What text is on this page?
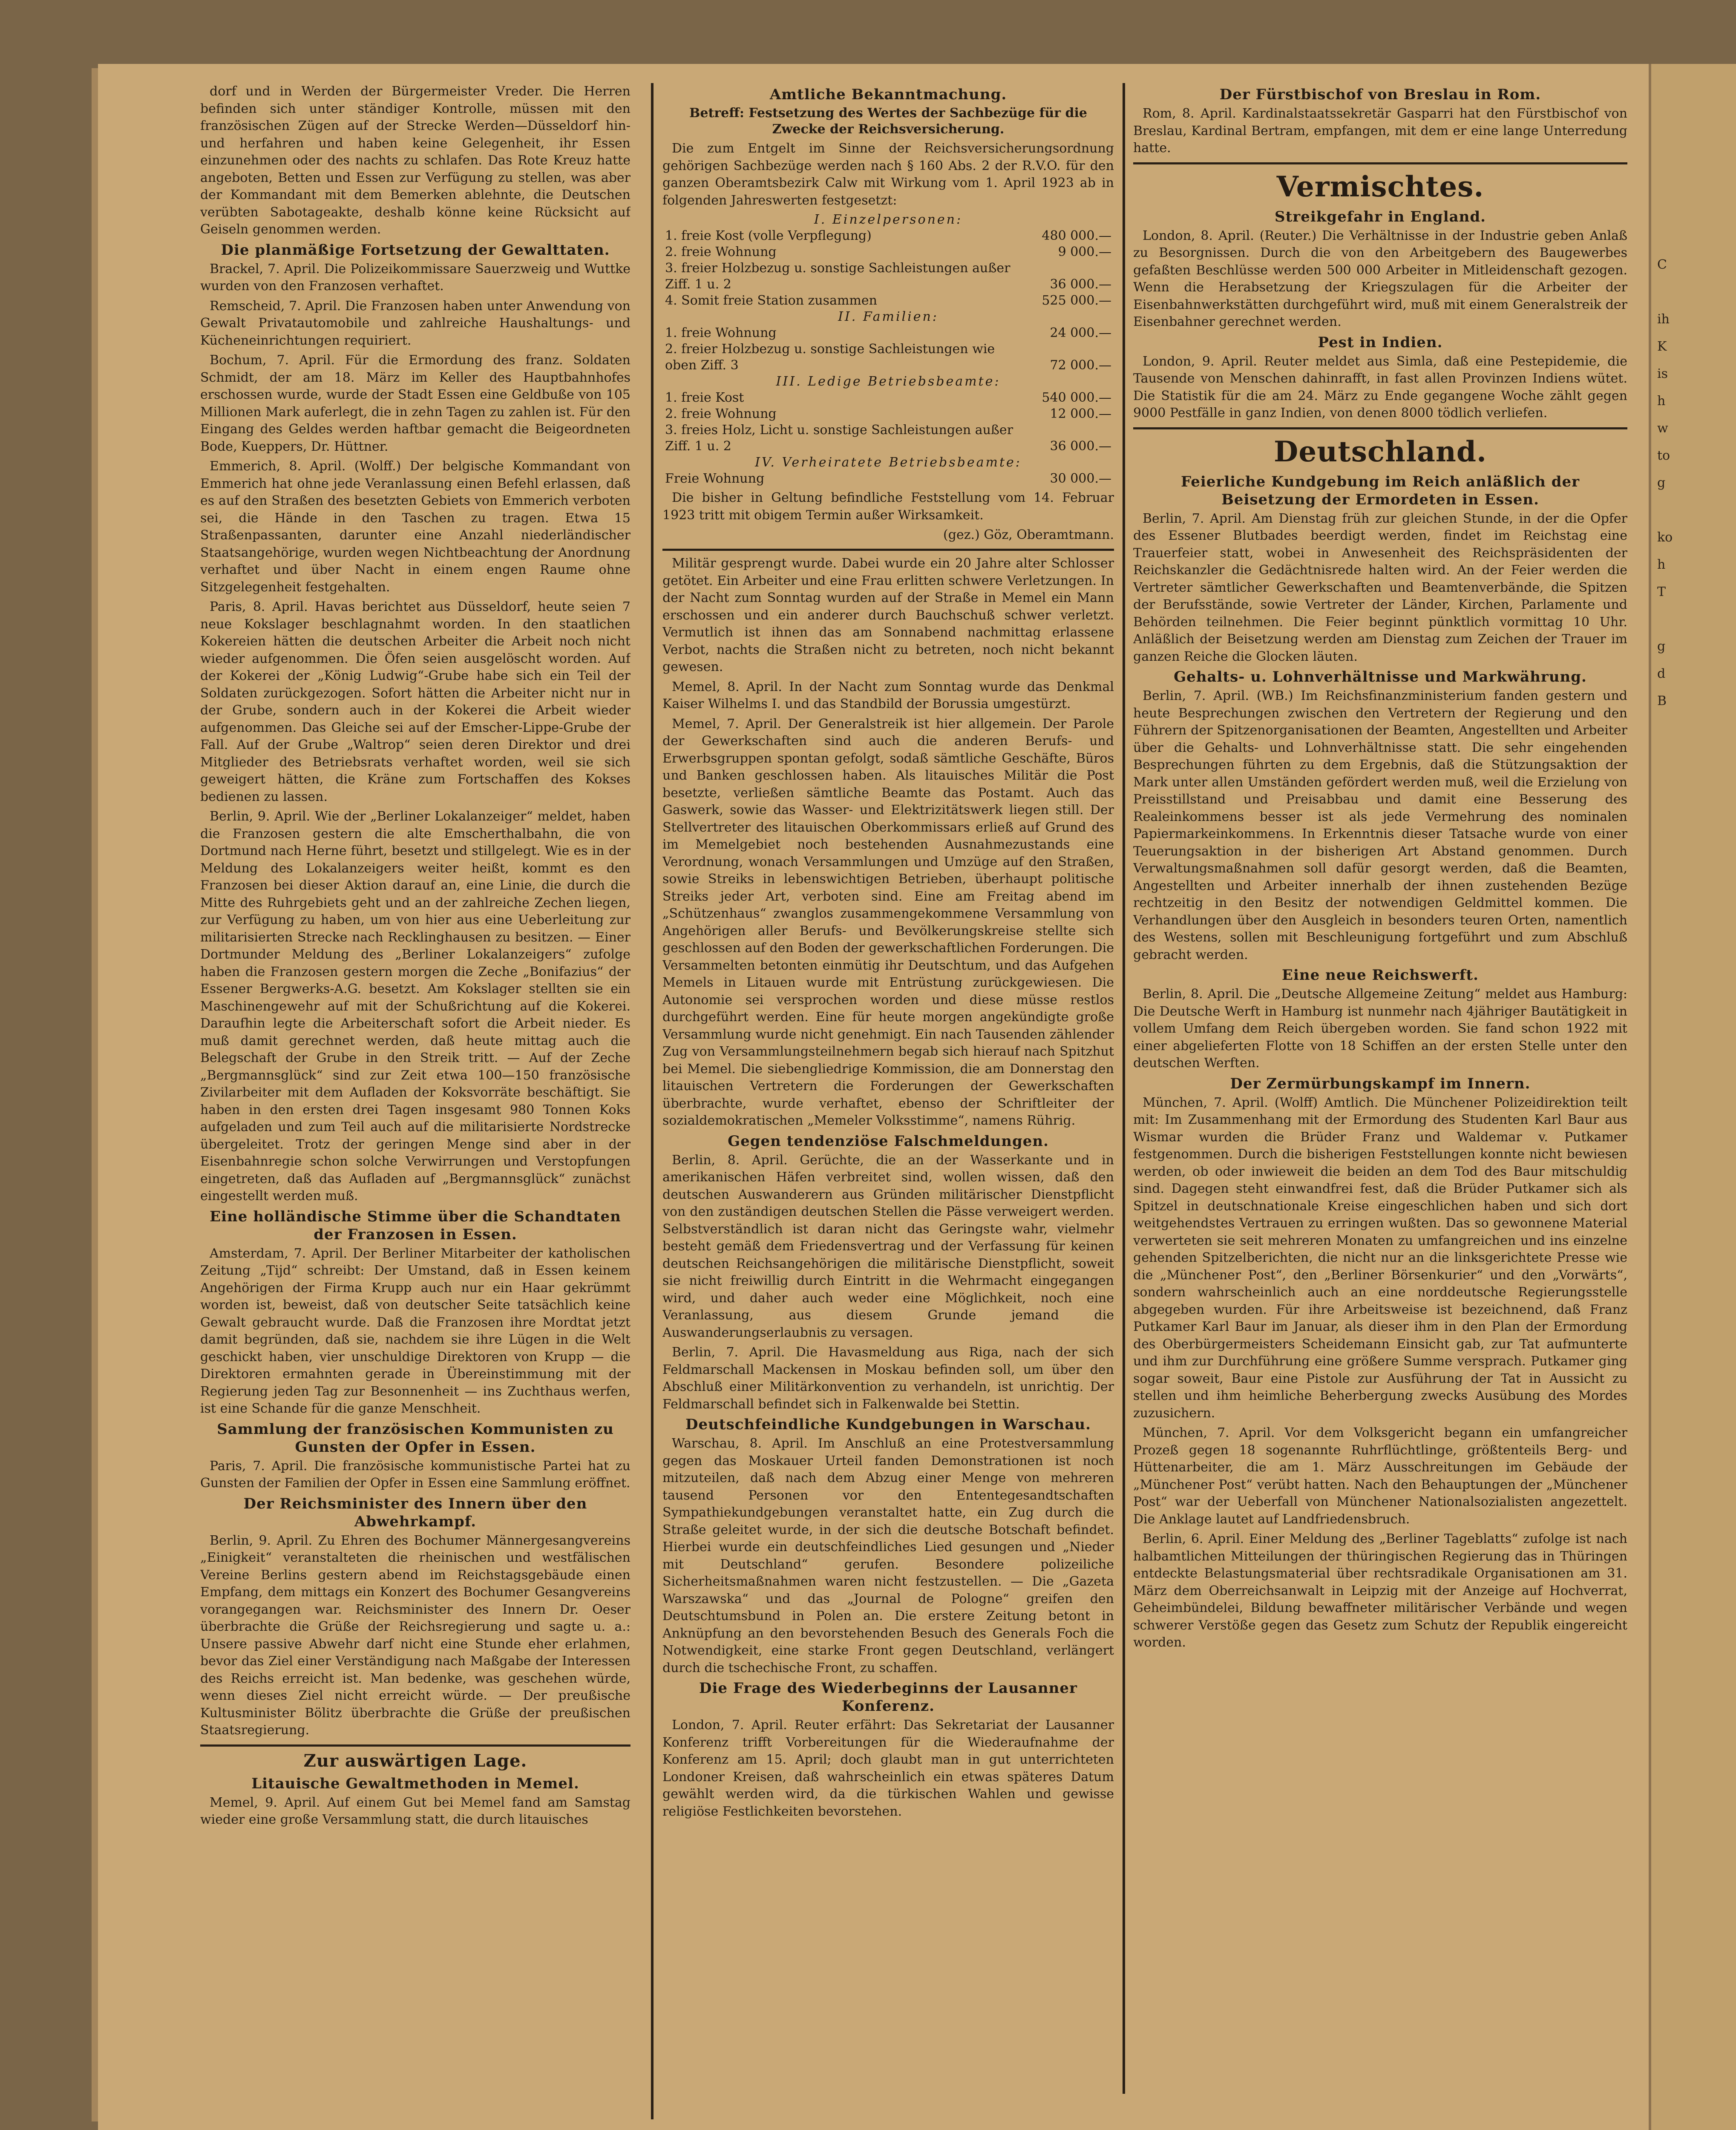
C

ih
K
is
h
w
to
g

ko
h
T

g
d
B

dorf und in Werden der Bürgermeister Vreder. Die Herren befinden sich unter ständiger Kontrolle, müssen mit den französischen Zügen auf der Strecke Werden—Düsseldorf hin- und herfahren und haben keine Gelegenheit, ihr Essen einzunehmen oder des nachts zu schlafen. Das Rote Kreuz hatte angeboten, Betten und Essen zur Verfügung zu stellen, was aber der Kommandant mit dem Bemerken ablehnte, die Deutschen verübten Sabotageakte, deshalb könne keine Rücksicht auf Geiseln genommen werden.

Die planmäßige Fortsetzung der Gewalttaten.

Brackel, 7. April. Die Polizeikommissare Sauerzweig und Wuttke wurden von den Franzosen verhaftet.

Remscheid, 7. April. Die Franzosen haben unter Anwendung von Gewalt Privatautomobile und zahlreiche Haushaltungs- und Kücheneinrichtungen requiriert.

Bochum, 7. April. Für die Ermordung des franz. Soldaten Schmidt, der am 18. März im Keller des Hauptbahnhofes erschossen wurde, wurde der Stadt Essen eine Geldbuße von 105 Millionen Mark auferlegt, die in zehn Tagen zu zahlen ist. Für den Eingang des Geldes werden haftbar gemacht die Beigeordneten Bode, Kueppers, Dr. Hüttner.

Emmerich, 8. April. (Wolff.) Der belgische Kommandant von Emmerich hat ohne jede Veranlassung einen Befehl erlassen, daß es auf den Straßen des besetzten Gebiets von Emmerich verboten sei, die Hände in den Taschen zu tragen. Etwa 15 Straßenpassanten, darunter eine Anzahl niederländischer Staatsangehörige, wurden wegen Nichtbeachtung der Anordnung verhaftet und über Nacht in einem engen Raume ohne Sitzgelegenheit festgehalten.

Paris, 8. April. Havas berichtet aus Düsseldorf, heute seien 7 neue Kokslager beschlagnahmt worden. In den staatlichen Kokereien hätten die deutschen Arbeiter die Arbeit noch nicht wieder aufgenommen. Die Öfen seien ausgelöscht worden. Auf der Kokerei der „König Ludwig“-Grube habe sich ein Teil der Soldaten zurückgezogen. Sofort hätten die Arbeiter nicht nur in der Grube, sondern auch in der Kokerei die Arbeit wieder aufgenommen. Das Gleiche sei auf der Emscher-Lippe-Grube der Fall. Auf der Grube „Waltrop“ seien deren Direktor und drei Mitglieder des Betriebsrats verhaftet worden, weil sie sich geweigert hätten, die Kräne zum Fortschaffen des Kokses bedienen zu lassen.

Berlin, 9. April. Wie der „Berliner Lokalanzeiger“ meldet, haben die Franzosen gestern die alte Emscherthalbahn, die von Dortmund nach Herne führt, besetzt und stillgelegt. Wie es in der Meldung des Lokalanzeigers weiter heißt, kommt es den Franzosen bei dieser Aktion darauf an, eine Linie, die durch die Mitte des Ruhrgebiets geht und an der zahlreiche Zechen liegen, zur Verfügung zu haben, um von hier aus eine Ueberleitung zur militarisierten Strecke nach Recklinghausen zu besitzen. — Einer Dortmunder Meldung des „Berliner Lokalanzeigers“ zufolge haben die Franzosen gestern morgen die Zeche „Bonifazius“ der Essener Bergwerks-A.G. besetzt. Am Kokslager stellten sie ein Maschinengewehr auf mit der Schußrichtung auf die Kokerei. Daraufhin legte die Arbeiterschaft sofort die Arbeit nieder. Es muß damit gerechnet werden, daß heute mittag auch die Belegschaft der Grube in den Streik tritt. — Auf der Zeche „Bergmannsglück“ sind zur Zeit etwa 100—150 französische Zivilarbeiter mit dem Aufladen der Koksvorräte beschäftigt. Sie haben in den ersten drei Tagen insgesamt 980 Tonnen Koks aufgeladen und zum Teil auch auf die militarisierte Nordstrecke übergeleitet. Trotz der geringen Menge sind aber in der Eisenbahnregie schon solche Verwirrungen und Verstopfungen eingetreten, daß das Aufladen auf „Bergmannsglück“ zunächst eingestellt werden muß.

Eine holländische Stimme über die Schandtaten der Franzosen in Essen.

Amsterdam, 7. April. Der Berliner Mitarbeiter der katholischen Zeitung „Tijd“ schreibt: Der Umstand, daß in Essen keinem Angehörigen der Firma Krupp auch nur ein Haar gekrümmt worden ist, beweist, daß von deutscher Seite tatsächlich keine Gewalt gebraucht wurde. Daß die Franzosen ihre Mordtat jetzt damit begründen, daß sie, nachdem sie ihre Lügen in die Welt geschickt haben, vier unschuldige Direktoren von Krupp — die Direktoren ermahnten gerade in Übereinstimmung mit der Regierung jeden Tag zur Besonnenheit — ins Zuchthaus werfen, ist eine Schande für die ganze Menschheit.

Sammlung der französischen Kommunisten zu Gunsten der Opfer in Essen.

Paris, 7. April. Die französische kommunistische Partei hat zu Gunsten der Familien der Opfer in Essen eine Sammlung eröffnet.

Der Reichsminister des Innern über den Abwehrkampf.

Berlin, 9. April. Zu Ehren des Bochumer Männergesangvereins „Einigkeit“ veranstalteten die rheinischen und westfälischen Vereine Berlins gestern abend im Reichstagsgebäude einen Empfang, dem mittags ein Konzert des Bochumer Gesangvereins vorangegangen war. Reichsminister des Innern Dr. Oeser überbrachte die Grüße der Reichsregierung und sagte u. a.: Unsere passive Abwehr darf nicht eine Stunde eher erlahmen, bevor das Ziel einer Verständigung nach Maßgabe der Interessen des Reichs erreicht ist. Man bedenke, was geschehen würde, wenn dieses Ziel nicht erreicht würde. — Der preußische Kultusminister Bölitz überbrachte die Grüße der preußischen Staatsregierung.

Zur auswärtigen Lage.
Litauische Gewaltmethoden in Memel.

Memel, 9. April. Auf einem Gut bei Memel fand am Samstag wieder eine große Versammlung statt, die durch litauisches

Amtliche Bekanntmachung.
Betreff: Festsetzung des Wertes der Sachbezüge für die Zwecke der Reichsversicherung.

Die zum Entgelt im Sinne der Reichsversicherungsordnung gehörigen Sachbezüge werden nach § 160 Abs. 2 der R.V.O. für den ganzen Oberamtsbezirk Calw mit Wirkung vom 1. April 1923 ab in folgenden Jahreswerten festgesetzt:

I. Einzelpersonen:	
1. freie Kost (volle Verpflegung)	480 000.—
2. freie Wohnung	9 000.—
3. freier Holzbezug u. sonstige Sachleistungen außer Ziff. 1 u. 2	36 000.—
4. Somit freie Station zusammen	525 000.—
II. Familien:	
1. freie Wohnung	24 000.—
2. freier Holzbezug u. sonstige Sachleistungen wie oben Ziff. 3	72 000.—
III. Ledige Betriebsbeamte:	
1. freie Kost	540 000.—
2. freie Wohnung	12 000.—
3. freies Holz, Licht u. sonstige Sachleistungen außer Ziff. 1 u. 2	36 000.—
IV. Verheiratete Betriebsbeamte:	
Freie Wohnung	30 000.—

Die bisher in Geltung befindliche Feststellung vom 14. Februar 1923 tritt mit obigem Termin außer Wirksamkeit.

(gez.) Göz, Oberamtmann.

Militär gesprengt wurde. Dabei wurde ein 20 Jahre alter Schlosser getötet. Ein Arbeiter und eine Frau erlitten schwere Verletzungen. In der Nacht zum Sonntag wurden auf der Straße in Memel ein Mann erschossen und ein anderer durch Bauchschuß schwer verletzt. Vermutlich ist ihnen das am Sonnabend nachmittag erlassene Verbot, nachts die Straßen nicht zu betreten, noch nicht bekannt gewesen.

Memel, 8. April. In der Nacht zum Sonntag wurde das Denkmal Kaiser Wilhelms I. und das Standbild der Borussia umgestürzt.

Memel, 7. April. Der Generalstreik ist hier allgemein. Der Parole der Gewerkschaften sind auch die anderen Berufs- und Erwerbsgruppen spontan gefolgt, sodaß sämtliche Geschäfte, Büros und Banken geschlossen haben. Als litauisches Militär die Post besetzte, verließen sämtliche Beamte das Postamt. Auch das Gaswerk, sowie das Wasser- und Elektrizitätswerk liegen still. Der Stellvertreter des litauischen Oberkommissars erließ auf Grund des im Memelgebiet noch bestehenden Ausnahmezustands eine Verordnung, wonach Versammlungen und Umzüge auf den Straßen, sowie Streiks in lebenswichtigen Betrieben, überhaupt politische Streiks jeder Art, verboten sind. Eine am Freitag abend im „Schützenhaus“ zwanglos zusammengekommene Versammlung von Angehörigen aller Berufs- und Bevölkerungskreise stellte sich geschlossen auf den Boden der gewerkschaftlichen Forderungen. Die Versammelten betonten einmütig ihr Deutschtum, und das Aufgehen Memels in Litauen wurde mit Entrüstung zurückgewiesen. Die Autonomie sei versprochen worden und diese müsse restlos durchgeführt werden. Eine für heute morgen angekündigte große Versammlung wurde nicht genehmigt. Ein nach Tausenden zählender Zug von Versammlungsteilnehmern begab sich hierauf nach Spitzhut bei Memel. Die siebengliedrige Kommission, die am Donnerstag den litauischen Vertretern die Forderungen der Gewerkschaften überbrachte, wurde verhaftet, ebenso der Schriftleiter der sozialdemokratischen „Memeler Volksstimme“, namens Rührig.

Gegen tendenziöse Falschmeldungen.

Berlin, 8. April. Gerüchte, die an der Wasserkante und in amerikanischen Häfen verbreitet sind, wollen wissen, daß den deutschen Auswanderern aus Gründen militärischer Dienstpflicht von den zuständigen deutschen Stellen die Pässe verweigert werden. Selbstverständlich ist daran nicht das Geringste wahr, vielmehr besteht gemäß dem Friedensvertrag und der Verfassung für keinen deutschen Reichsangehörigen die militärische Dienstpflicht, soweit sie nicht freiwillig durch Eintritt in die Wehrmacht eingegangen wird, und daher auch weder eine Möglichkeit, noch eine Veranlassung, aus diesem Grunde jemand die Auswanderungserlaubnis zu versagen.

Berlin, 7. April. Die Havasmeldung aus Riga, nach der sich Feldmarschall Mackensen in Moskau befinden soll, um über den Abschluß einer Militärkonvention zu verhandeln, ist unrichtig. Der Feldmarschall befindet sich in Falkenwalde bei Stettin.

Deutschfeindliche Kundgebungen in Warschau.

Warschau, 8. April. Im Anschluß an eine Protestversammlung gegen das Moskauer Urteil fanden Demonstrationen ist noch mitzuteilen, daß nach dem Abzug einer Menge von mehreren tausend Personen vor den Ententegesandtschaften Sympathiekundgebungen veranstaltet hatte, ein Zug durch die Straße geleitet wurde, in der sich die deutsche Botschaft befindet. Hierbei wurde ein deutschfeindliches Lied gesungen und „Nieder mit Deutschland“ gerufen. Besondere polizeiliche Sicherheitsmaßnahmen waren nicht festzustellen. — Die „Gazeta Warszawska“ und das „Journal de Pologne“ greifen den Deutschtumsbund in Polen an. Die erstere Zeitung betont in Anknüpfung an den bevorstehenden Besuch des Generals Foch die Notwendigkeit, eine starke Front gegen Deutschland, verlängert durch die tschechische Front, zu schaffen.

Die Frage des Wiederbeginns der Lausanner Konferenz.

London, 7. April. Reuter erfährt: Das Sekretariat der Lausanner Konferenz trifft Vorbereitungen für die Wiederaufnahme der Konferenz am 15. April; doch glaubt man in gut unterrichteten Londoner Kreisen, daß wahrscheinlich ein etwas späteres Datum gewählt werden wird, da die türkischen Wahlen und gewisse religiöse Festlichkeiten bevorstehen.

Der Fürstbischof von Breslau in Rom.

Rom, 8. April. Kardinalstaatssekretär Gasparri hat den Fürstbischof von Breslau, Kardinal Bertram, empfangen, mit dem er eine lange Unterredung hatte.

Vermischtes.
Streikgefahr in England.

London, 8. April. (Reuter.) Die Verhältnisse in der Industrie geben Anlaß zu Besorgnissen. Durch die von den Arbeitgebern des Baugewerbes gefaßten Beschlüsse werden 500 000 Arbeiter in Mitleidenschaft gezogen. Wenn die Herabsetzung der Kriegszulagen für die Arbeiter der Eisenbahnwerkstätten durchgeführt wird, muß mit einem Generalstreik der Eisenbahner gerechnet werden.

Pest in Indien.

London, 9. April. Reuter meldet aus Simla, daß eine Pestepidemie, die Tausende von Menschen dahinrafft, in fast allen Provinzen Indiens wütet. Die Statistik für die am 24. März zu Ende gegangene Woche zählt gegen 9000 Pestfälle in ganz Indien, von denen 8000 tödlich verliefen.

Deutschland.
Feierliche Kundgebung im Reich anläßlich der Beisetzung der Ermordeten in Essen.

Berlin, 7. April. Am Dienstag früh zur gleichen Stunde, in der die Opfer des Essener Blutbades beerdigt werden, findet im Reichstag eine Trauerfeier statt, wobei in Anwesenheit des Reichspräsidenten der Reichskanzler die Gedächtnisrede halten wird. An der Feier werden die Vertreter sämtlicher Gewerkschaften und Beamtenverbände, die Spitzen der Berufsstände, sowie Vertreter der Länder, Kirchen, Parlamente und Behörden teilnehmen. Die Feier beginnt pünktlich vormittag 10 Uhr. Anläßlich der Beisetzung werden am Dienstag zum Zeichen der Trauer im ganzen Reiche die Glocken läuten.

Gehalts- u. Lohnverhältnisse und Markwährung.

Berlin, 7. April. (WB.) Im Reichsfinanzministerium fanden gestern und heute Besprechungen zwischen den Vertretern der Regierung und den Führern der Spitzenorganisationen der Beamten, Angestellten und Arbeiter über die Gehalts- und Lohnverhältnisse statt. Die sehr eingehenden Besprechungen führten zu dem Ergebnis, daß die Stützungsaktion der Mark unter allen Umständen gefördert werden muß, weil die Erzielung von Preisstillstand und Preisabbau und damit eine Besserung des Realeinkommens besser ist als jede Vermehrung des nominalen Papiermarkeinkommens. In Erkenntnis dieser Tatsache wurde von einer Teuerungsaktion in der bisherigen Art Abstand genommen. Durch Verwaltungsmaßnahmen soll dafür gesorgt werden, daß die Beamten, Angestellten und Arbeiter innerhalb der ihnen zustehenden Bezüge rechtzeitig in den Besitz der notwendigen Geldmittel kommen. Die Verhandlungen über den Ausgleich in besonders teuren Orten, namentlich des Westens, sollen mit Beschleunigung fortgeführt und zum Abschluß gebracht werden.

Eine neue Reichswerft.

Berlin, 8. April. Die „Deutsche Allgemeine Zeitung“ meldet aus Hamburg: Die Deutsche Werft in Hamburg ist nunmehr nach 4jähriger Bautätigkeit in vollem Umfang dem Reich übergeben worden. Sie fand schon 1922 mit einer abgelieferten Flotte von 18 Schiffen an der ersten Stelle unter den deutschen Werften.

Der Zermürbungskampf im Innern.

München, 7. April. (Wolff) Amtlich. Die Münchener Polizeidirektion teilt mit: Im Zusammenhang mit der Ermordung des Studenten Karl Baur aus Wismar wurden die Brüder Franz und Waldemar v. Putkamer festgenommen. Durch die bisherigen Feststellungen konnte nicht bewiesen werden, ob oder inwieweit die beiden an dem Tod des Baur mitschuldig sind. Dagegen steht einwandfrei fest, daß die Brüder Putkamer sich als Spitzel in deutschnationale Kreise eingeschlichen haben und sich dort weitgehendstes Vertrauen zu erringen wußten. Das so gewonnene Material verwerteten sie seit mehreren Monaten zu umfangreichen und ins einzelne gehenden Spitzelberichten, die nicht nur an die linksgerichtete Presse wie die „Münchener Post“, den „Berliner Börsenkurier“ und den „Vorwärts“, sondern wahrscheinlich auch an eine norddeutsche Regierungsstelle abgegeben wurden. Für ihre Arbeitsweise ist bezeichnend, daß Franz Putkamer Karl Baur im Januar, als dieser ihm in den Plan der Ermordung des Oberbürgermeisters Scheidemann Einsicht gab, zur Tat aufmunterte und ihm zur Durchführung eine größere Summe versprach. Putkamer ging sogar soweit, Baur eine Pistole zur Ausführung der Tat in Aussicht zu stellen und ihm heimliche Beherbergung zwecks Ausübung des Mordes zuzusichern.

München, 7. April. Vor dem Volksgericht begann ein umfangreicher Prozeß gegen 18 sogenannte Ruhrflüchtlinge, größtenteils Berg- und Hüttenarbeiter, die am 1. März Ausschreitungen im Gebäude der „Münchener Post“ verübt hatten. Nach den Behauptungen der „Münchener Post“ war der Ueberfall von Münchener Nationalsozialisten angezettelt. Die Anklage lautet auf Landfriedensbruch.

Berlin, 6. April. Einer Meldung des „Berliner Tageblatts“ zufolge ist nach halbamtlichen Mitteilungen der thüringischen Regierung das in Thüringen entdeckte Belastungsmaterial über rechtsradikale Organisationen am 31. März dem Oberreichsanwalt in Leipzig mit der Anzeige auf Hochverrat, Geheimbündelei, Bildung bewaffneter militärischer Verbände und wegen schwerer Verstöße gegen das Gesetz zum Schutz der Republik eingereicht worden.
